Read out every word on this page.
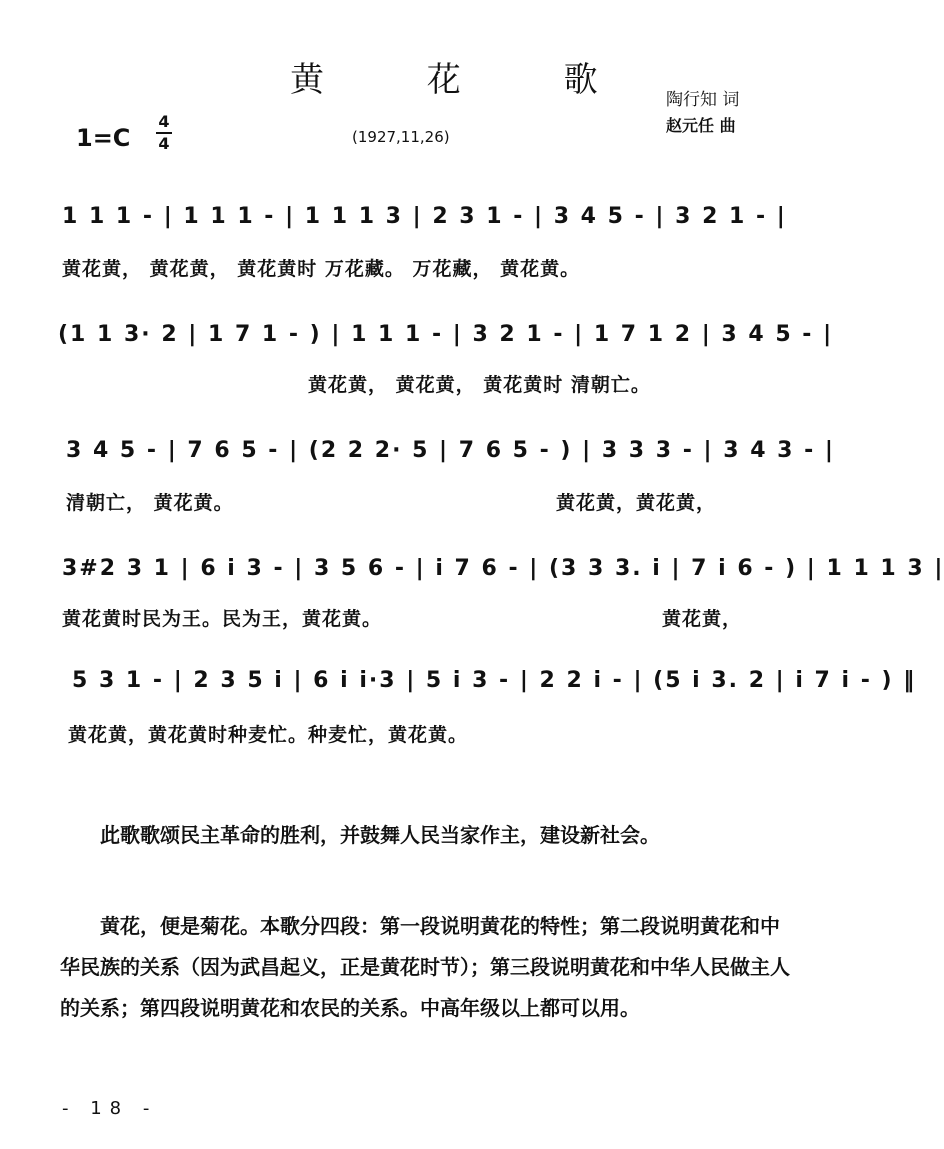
黄 花 歌 陶行知 词
赵元任 曲
1=C
4
4	(1927,11,26)
1 1 1 - | 1 1 1 - | 1 1 1 3 | 2 3 1 - | 3 4 5 - | 3 2 1 - |
黄花黄， 黄花黄， 黄花黄时 万花藏。 万花藏， 黄花黄。
(1 1 3· 2 | 1 7 1 - ) | 1 1 1 - | 3 2 1 - | 1 7 1 2 | 3 4 5 - |
黄花黄， 黄花黄， 黄花黄时 清朝亡。
3 4 5 - | 7 6 5 - | (2 2 2· 5 | 7 6 5 - ) | 3 3 3 - | 3 4 3 - |
清朝亡， 黄花黄。	黄花黄，黄花黄，
3#2 3 1 | 6 i 3 - | 3 5 6 - | i 7 6 - | (3 3 3. i | 7 i 6 - ) | 1 1 1 3 |
黄花黄时民为王。民为王，黄花黄。	黄花黄，
5 3 1 - | 2 3 5 i | 6 i i·3 | 5 i 3 - | 2 2 i - | (5 i 3. 2 | i 7 i - ) ‖
黄花黄，黄花黄时种麦忙。种麦忙，黄花黄。
此歌歌颂民主革命的胜利，并鼓舞人民当家作主，建设新社会。
黄花，便是菊花。本歌分四段：第一段说明黄花的特性；第二段说明黄花和中华民族的关系（因为武昌起义，正是黄花时节）；第三段说明黄花和中华人民做主人的关系；第四段说明黄花和农民的关系。中高年级以上都可以用。
- 18 -
